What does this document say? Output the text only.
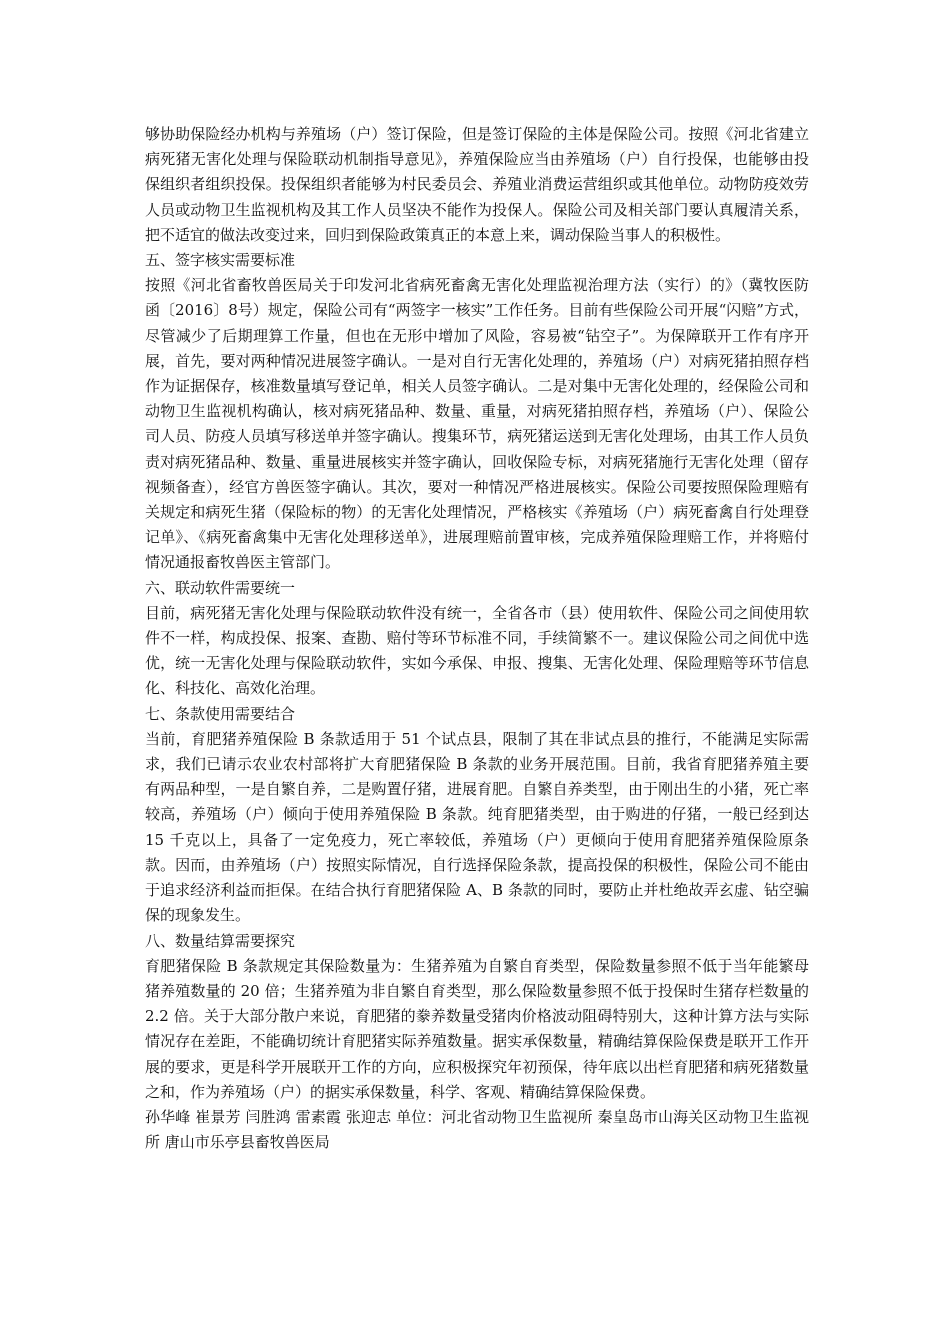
够协助保险经办机构与养殖场（户）签订保险，但是签订保险的主体是保险公司。按照《河北省建立病死猪无害化处理与保险联动机制指导意见》，养殖保险应当由养殖场（户）自行投保，也能够由投保组织者组织投保。投保组织者能够为村民委员会、养殖业消费运营组织或其他单位。动物防疫效劳人员或动物卫生监视机构及其工作人员坚决不能作为投保人。保险公司及相关部门要认真履清关系，把不适宜的做法改变过来，回归到保险政策真正的本意上来，调动保险当事人的积极性。

五、签字核实需要标准

按照《河北省畜牧兽医局关于印发河北省病死畜禽无害化处理监视治理方法（实行）的》（冀牧医防函〔2016〕8号）规定，保险公司有“两签字一核实”工作任务。目前有些保险公司开展“闪赔”方式，尽管减少了后期理算工作量，但也在无形中增加了风险，容易被“钻空子”。为保障联开工作有序开展，首先，要对两种情况进展签字确认。一是对自行无害化处理的，养殖场（户）对病死猪拍照存档作为证据保存，核准数量填写登记单，相关人员签字确认。二是对集中无害化处理的，经保险公司和动物卫生监视机构确认，核对病死猪品种、数量、重量，对病死猪拍照存档，养殖场（户）、保险公司人员、防疫人员填写移送单并签字确认。搜集环节，病死猪运送到无害化处理场，由其工作人员负责对病死猪品种、数量、重量进展核实并签字确认，回收保险专标，对病死猪施行无害化处理（留存视频备查），经官方兽医签字确认。其次，要对一种情况严格进展核实。保险公司要按照保险理赔有关规定和病死生猪（保险标的物）的无害化处理情况，严格核实《养殖场（户）病死畜禽自行处理登记单》、《病死畜禽集中无害化处理移送单》，进展理赔前置审核，完成养殖保险理赔工作，并将赔付情况通报畜牧兽医主管部门。

六、联动软件需要统一

目前，病死猪无害化处理与保险联动软件没有统一，全省各市（县）使用软件、保险公司之间使用软件不一样，构成投保、报案、查勘、赔付等环节标准不同，手续简繁不一。建议保险公司之间优中选优，统一无害化处理与保险联动软件，实如今承保、申报、搜集、无害化处理、保险理赔等环节信息化、科技化、高效化治理。

七、条款使用需要结合

当前，育肥猪养殖保险 B 条款适用于 51 个试点县，限制了其在非试点县的推行，不能满足实际需求，我们已请示农业农村部将扩大育肥猪保险 B 条款的业务开展范围。目前，我省育肥猪养殖主要有两品种型，一是自繁自养，二是购置仔猪，进展育肥。自繁自养类型，由于刚出生的小猪，死亡率较高，养殖场（户）倾向于使用养殖保险 B 条款。纯育肥猪类型，由于购进的仔猪，一般已经到达 15 千克以上，具备了一定免疫力，死亡率较低，养殖场（户）更倾向于使用育肥猪养殖保险原条款。因而，由养殖场（户）按照实际情况，自行选择保险条款，提高投保的积极性，保险公司不能由于追求经济利益而拒保。在结合执行育肥猪保险 A、B 条款的同时，要防止并杜绝故弄玄虚、钻空骗保的现象发生。

八、数量结算需要探究

育肥猪保险 B 条款规定其保险数量为：生猪养殖为自繁自育类型，保险数量参照不低于当年能繁母猪养殖数量的 20 倍；生猪养殖为非自繁自育类型，那么保险数量参照不低于投保时生猪存栏数量的 2.2 倍。关于大部分散户来说，育肥猪的豢养数量受猪肉价格波动阻碍特别大，这种计算方法与实际情况存在差距，不能确切统计育肥猪实际养殖数量。据实承保数量，精确结算保险保费是联开工作开展的要求，更是科学开展联开工作的方向，应积极探究年初预保，待年底以出栏育肥猪和病死猪数量之和，作为养殖场（户）的据实承保数量，科学、客观、精确结算保险保费。

孙华峰 崔景芳 闫胜鸿 雷素霞 张迎志 单位：河北省动物卫生监视所 秦皇岛市山海关区动物卫生监视所 唐山市乐亭县畜牧兽医局
